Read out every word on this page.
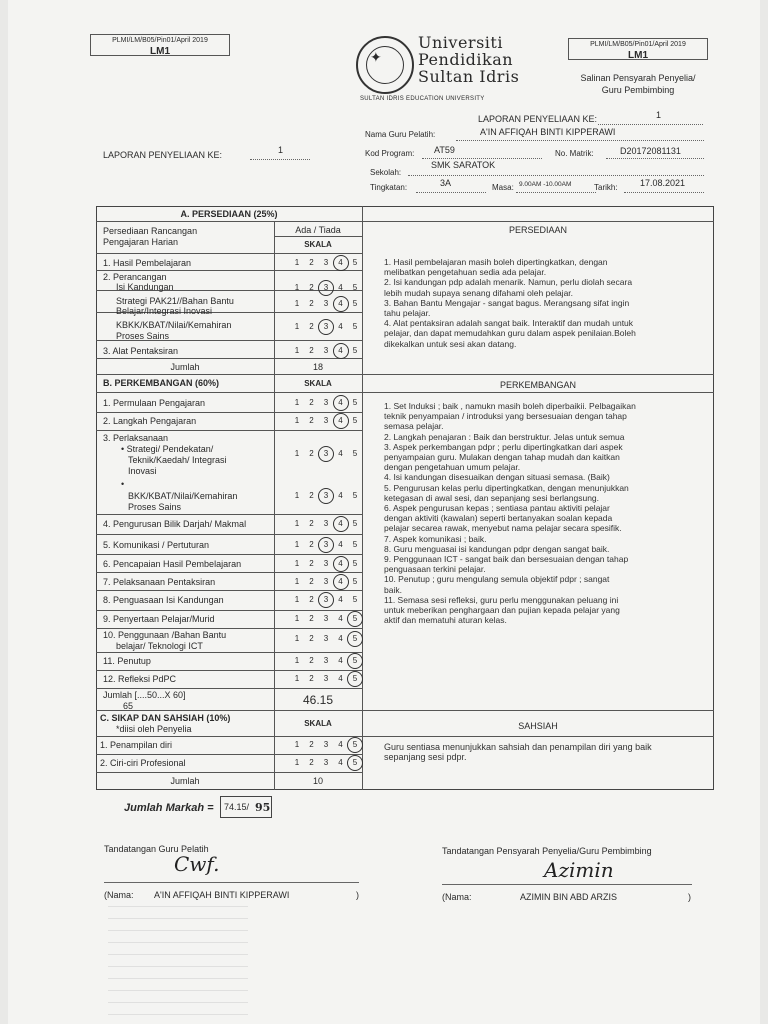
PLMI/LM/B05/Pin01/April 2019
LM1
PLMI/LM/B05/Pin01/April 2019
LM1
✦
Universiti
Pendidikan
Sultan Idris
SULTAN IDRIS EDUCATION UNIVERSITY
Salinan Pensyarah Penyelia/
Guru Pembimbing
LAPORAN PENYELIAAN KE:	1
Nama Guru Pelatih:	A'IN AFFIQAH BINTI KIPPERAWI
Kod Program: AT59	No. Matrik:	D20172081131
LAPORAN PENYELIAAN KE:	1
Sekolah:
SMK SARATOK
Tingkatan:	3A	Masa: 9.00AM -10.00AM	Tarikh: 17.08.2021
A. PERSEDIAAN (25%)
Persediaan Rancangan
Pengajaran Harian
Ada / Tiada
SKALA
PERSEDIAAN
Jumlah	18
1. Hasil pembelajaran masih boleh dipertingkatkan, dengan
melibatkan pengetahuan sedia ada pelajar.
2. Isi kandungan pdp adalah menarik. Namun, perlu diolah secara
lebih mudah supaya senang difahami oleh pelajar.
3. Bahan Bantu Mengajar - sangat bagus. Merangsang sifat ingin
tahu pelajar.
4. Alat pentaksiran adalah sangat baik. Interaktif dan mudah untuk
pelajar, dan dapat memudahkan guru dalam aspek penilaian.Boleh
dikekalkan untuk sesi akan datang.
B. PERKEMBANGAN (60%)	SKALA	PERKEMBANGAN
Jumlah [....50...X 60]
65	46.15
1. Set Induksi ; baik , namukn masih boleh diperbaikii. Pelbagaikan
teknik penyampaian / introduksi yang bersesuaian dengan tahap
semasa pelajar.
2. Langkah penajaran : Baik dan berstruktur. Jelas untuk semua
3. Aspek perkembangan pdpr ; perlu dipertingkatkan dari aspek
penyampaian guru. Mulakan dengan tahap mudah dan kaitkan
dengan pengetahuan umum pelajar.
4. Isi kandungan disesuaikan dengan situasi semasa. (Baik)
5. Pengurusan kelas perlu dipertingkatkan, dengan menunjukkan
ketegasan di awal sesi, dan sepanjang sesi berlangsung.
6. Aspek pengurusan kepas ; sentiasa pantau aktiviti pelajar
dengan aktiviti (kawalan) seperti bertanyakan soalan kepada
pelajar secarea rawak, menyebut nama pelajar secara spesifik.
7. Aspek komunikasi ; baik.
8. Guru menguasai isi kandungan pdpr dengan sangat baik.
9. Penggunaan ICT - sangat baik dan bersesuaian dengan tahap
penguasaan terkini pelajar.
10. Penutup ; guru mengulang semula objektif pdpr ; sangat
baik.
11. Semasa sesi refleksi, guru perlu menggunakan peluang ini
untuk meberikan penghargaan dan pujian kepada pelajar yang
aktif dan mematuhi aturan kelas.
C. SIKAP DAN SAHSIAH (10%)
*diisi oleh Penyelia
SKALA	SAHSIAH
Jumlah	10
Guru sentiasa menunjukkan sahsiah dan penampilan diri yang baik
sepanjang sesi pdpr.
Jumlah Markah = 74.15/ 95
Tandatangan Guru Pelatih
Cwf.
(Nama: A'IN AFFIQAH BINTI KIPPERAWI	)
Tandatangan Pensyarah Penyelia/Guru Pembimbing
Azimin
(Nama:	AZIMIN BIN ABD ARZIS	)
1. Hasil Pembelajaran	1	2	3	4	5
2. Perancangan
Isi Kandungan	1	2	3	4	5
Strategi PAK21//Bahan Bantu	1	2	3	4	5
Belajar/Integrasi Inovasi
KBKK/KBAT/Nilai/Kemahiran	1	2	3	4	5
Proses Sains
3. Alat Pentaksiran	1	2	3	4	5
1. Permulaan Pengajaran	1	2	3	4	5
2. Langkah Pengajaran	1	2	3	4	5
3. Perlaksanaan
• Strategi/ Pendekatan/	1	2	3	4	5
Teknik/Kaedah/ Integrasi
Inovasi
•
BKK/KBAT/Nilai/Kemahiran	1	2	3	4	5
Proses Sains
4. Pengurusan Bilik Darjah/ Makmal	1	2	3	4	5
5. Komunikasi / Pertuturan	1	2	3	4	5
6. Pencapaian Hasil Pembelajaran	1	2	3	4	5
7. Pelaksanaan Pentaksiran	1	2	3	4	5
8. Penguasaan Isi Kandungan	1	2	3	4	5
9. Penyertaan Pelajar/Murid	1	2	3	4	5
10. Penggunaan /Bahan Bantu	1	2	3	4	5
belajar/ Teknologi ICT
11. Penutup	1	2	3	4	5
12. Refleksi PdPC	1	2	3	4	5
1. Penampilan diri	1	2	3	4	5
2. Ciri-ciri Profesional	1	2	3	4	5
